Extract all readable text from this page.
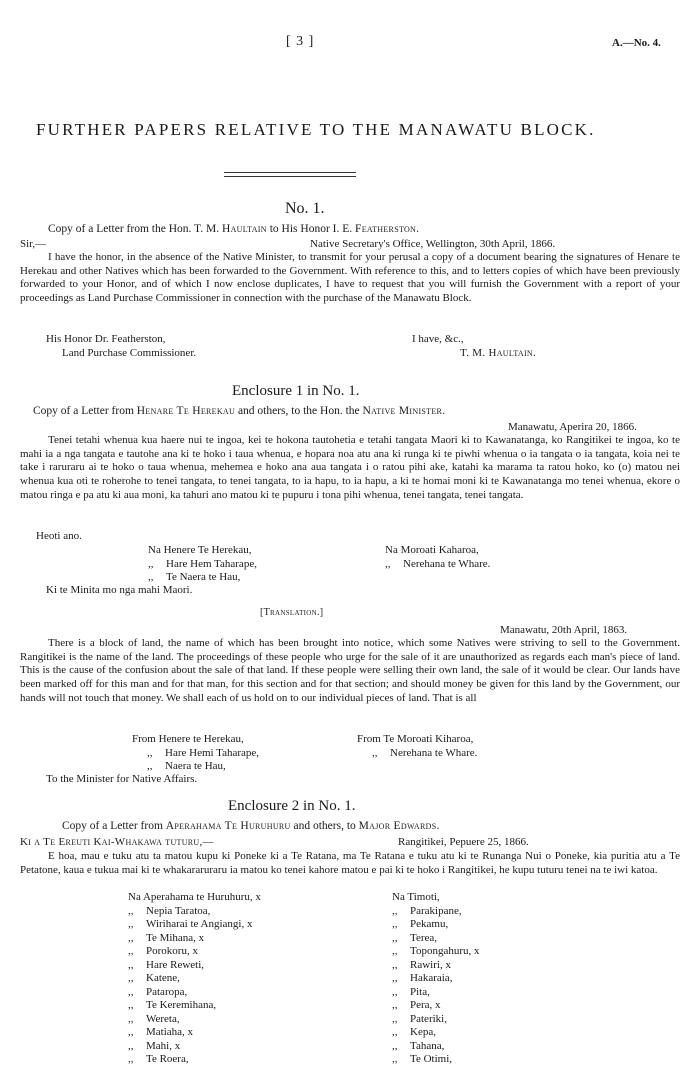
[ 3 ]	A.—No. 4.
FURTHER PAPERS RELATIVE TO THE MANAWATU BLOCK.
No. 1.
Copy of a Letter from the Hon. T. M. Haultain to His Honor I. E. Featherston.
Sir,—	Native Secretary's Office, Wellington, 30th April, 1866.

I have the honor, in the absence of the Native Minister, to transmit for your perusal a copy of a document bearing the signatures of Henare te Herekau and other Natives which has been forwarded to the Government. With reference to this, and to letters copies of which have been previously forwarded to your Honor, and of which I now enclose duplicates, I have to request that you will furnish the Government with a report of your proceedings as Land Purchase Commissioner in connection with the purchase of the Manawatu Block.

His Honor Dr. Featherston,	I have, &c.,
Land Purchase Commissioner.	T. M. Haultain.
Enclosure 1 in No. 1.
Copy of a Letter from Henare Te Herekau and others, to the Hon. the Native Minister.
Manawatu, Aperira 20, 1866.

Tenei tetahi whenua kua haere nui te ingoa, kei te hokona tautohetia e tetahi tangata Maori ki to Kawanatanga, ko Rangitikei te ingoa, ko te mahi ia a nga tangata e tautohe ana ki te hoko i taua whenua, e hopara noa atu ana ki runga ki te piwhi whenua o ia tangata o ia tangata, koia nei te take i raruraru ai te hoko o taua whenua, mehemea e hoko ana aua tangata i o ratou pihi ake, katahi ka marama ta ratou hoko, ko (o) matou nei whenua kua oti te roherohe to tenei tangata, to tenei tangata, to ia hapu, to ia hapu, a ki te homai moni ki te Kawanatanga mo tenei whenua, ekore o matou ringa e pa atu ki aua moni, ka tahuri ano matou ki te pupuru i tona pihi whenua, tenei tangata, tenei tangata.

Heoti ano.
Na Henere Te Herekau,
,, Hare Hem Taharape,
,, Te Naera te Hau,
Na Moroati Kaharoa,
,, Nerehana te Whare.
Ki te Minita mo nga mahi Maori.
[Translation.]
Manawatu, 20th April, 1863.

There is a block of land, the name of which has been brought into notice, which some Natives were striving to sell to the Government. Rangitikei is the name of the land. The proceedings of these people who urge for the sale of it are unauthorized as regards each man's piece of land. This is the cause of the confusion about the sale of that land. If these people were selling their own land, the sale of it would be clear. Our lands have been marked off for this man and for that man, for this section and for that section; and should money be given for this land by the Government, our hands will not touch that money. We shall each of us hold on to our individual pieces of land. That is all

From Henere te Herekau,
,, Hare Hemi Taharape,
,, Naera te Hau,
From Te Moroati Kiharoa,
,, Nerehana te Whare.
To the Minister for Native Affairs.
Enclosure 2 in No. 1.
Copy of a Letter from Aperahama Te Huruhuru and others, to Major Edwards.
Ki a Te Ereuti Kai-Whakawa tuturu,—	Rangitikei, Pepuere 25, 1866.

E hoa, mau e tuku atu ta matou kupu ki Poneke ki a Te Ratana, ma Te Ratana e tuku atu ki te Runanga Nui o Poneke, kia puritia atu a Te Petatone, kaua e tukua mai ki te whakararuraru ia matou ko tenei kahore matou e pai ki te hoko i Rangitikei, he kupu tuturu tenei na te iwi katoa.

Na Aperahama te Huruhuru, x
,, Nepia Taratoa,
,, Wiriharai te Angiangi, x
,, Te Mihana, x
,, Porokoru, x
,, Hare Reweti,
,, Katene,
,, Pataropa,
,, Te Keremihana,
,, Wereta,
,, Matiaha, x
,, Mahi, x
,, Te Roera,
Na Timoti,
,, Parakipane,
,, Pekamu,
,, Terea,
,, Topongahuru, x
,, Rawiri, x
,, Hakaraia,
,, Pita,
,, Pera, x
,, Pateriki,
,, Kepa,
,, Tahana,
,, Te Otimi,
